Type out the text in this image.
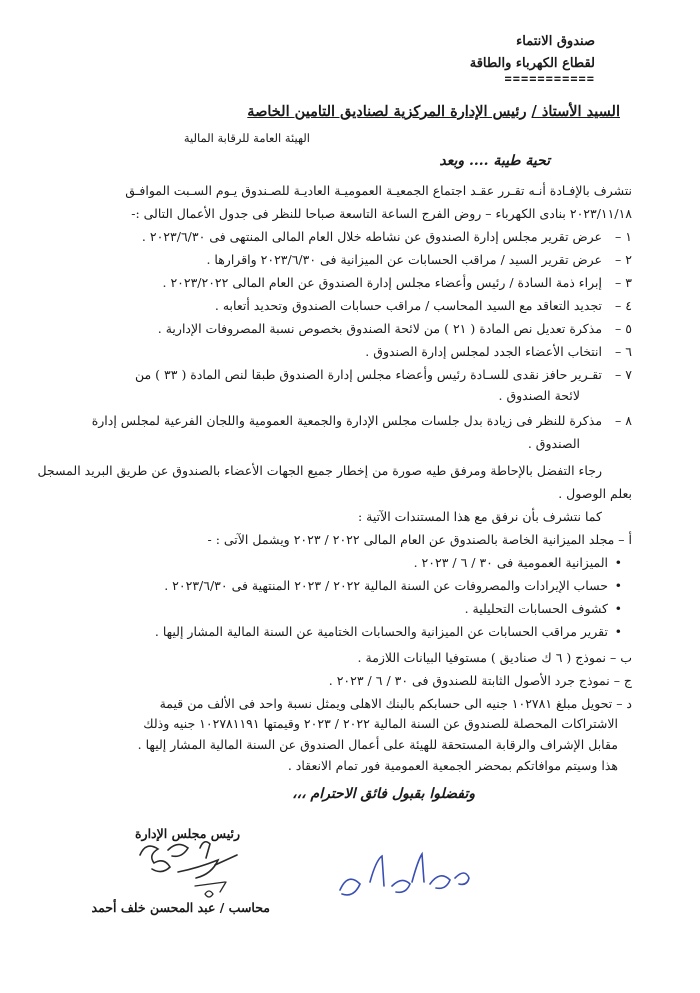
صندوق الانتماء
لقطاع الكهرباء والطاقة
===========
السيد الأستاذ / رئيس الإدارة المركزية لصناديق التامين الخاصة
الهيئة العامة للرقابة المالية
تحية طيبة .... وبعد
نتشرف بالإفـادة أنـه تقـرر عقـد اجتماع الجمعيـة العموميـة العاديـة للصـندوق يـوم السـبت الموافـق
٢٠٢٣/١١/١٨ بنادى الكهرباء – روض الفرج الساعة التاسعة صباحا للنظر فى جدول الأعمال التالى :-
١ – عرض تقرير مجلس إدارة الصندوق عن نشاطه خلال العام المالى المنتهى فى ٢٠٢٣/٦/٣٠ .
٢ – عرض تقرير السيد / مراقب الحسابات عن الميزانية فى ٢٠٢٣/٦/٣٠ واقرارها .
٣ – إبراء ذمة السادة / رئيس وأعضاء مجلس إدارة الصندوق عن العام المالى ٢٠٢٣/٢٠٢٢ .
٤ – تجديد التعاقد مع السيد المحاسب / مراقب حسابات الصندوق وتحديد أتعابه .
٥ – مذكرة تعديل نص المادة ( ٢١ ) من لائحة الصندوق بخصوص نسبة المصروفات الإدارية .
٦ – انتخاب الأعضاء الجدد لمجلس إدارة الصندوق .
٧ – تقـرير حافز نقدى للسـادة رئيس وأعضاء مجلس إدارة الصندوق طبقا لنص المادة ( ٣٣ ) من
لائحة الصندوق .
٨ – مذكرة للنظر فى زيادة بدل جلسات مجلس الإدارة والجمعية العمومية واللجان الفرعية لمجلس إدارة
الصندوق .
رجاء التفضل بالإحاطة ومرفق طيه صورة من إخطار جميع الجهات الأعضاء بالصندوق عن طريق البريد المسجل
بعلم الوصول .
كما نتشرف بأن نرفق مع هذا المستندات الآتية :
أ – مجلد الميزانية الخاصة بالصندوق عن العام المالى ٢٠٢٢ / ٢٠٢٣ ويشمل الآتى : -
• الميزانية العمومية فى ٣٠ / ٦ / ٢٠٢٣ .
• حساب الإيرادات والمصروفات عن السنة المالية ٢٠٢٢ / ٢٠٢٣ المنتهية فى ٢٠٢٣/٦/٣٠ .
• كشوف الحسابات التحليلية .
• تقرير مراقب الحسابات عن الميزانية والحسابات الختامية عن السنة المالية المشار إليها .
ب – نموذج ( ٦ ك صناديق ) مستوفيا البيانات اللازمة .
ج – نموذج جرد الأصول الثابتة للصندوق فى ٣٠ / ٦ / ٢٠٢٣ .
د – تحويل مبلغ ١٠٢٧٨١ جنيه الى حسابكم بالبنك الاهلى ويمثل نسبة واحد فى الألف من قيمة
وتفضلوا بقبول فائق الاحترام ،،،
رئيس مجلس الإدارة
محاسب / عبد المحسن خلف أحمد
الاشتراكات المحصلة للصندوق عن السنة المالية ٢٠٢٢ / ٢٠٢٣ وقيمتها ١٠٢٧٨١١٩١ جنيه وذلك
مقابل الإشراف والرقابة المستحقة للهيئة على أعمال الصندوق عن السنة المالية المشار إليها .
هذا وسيتم موافاتكم بمحضر الجمعية العمومية فور تمام الانعقاد .
